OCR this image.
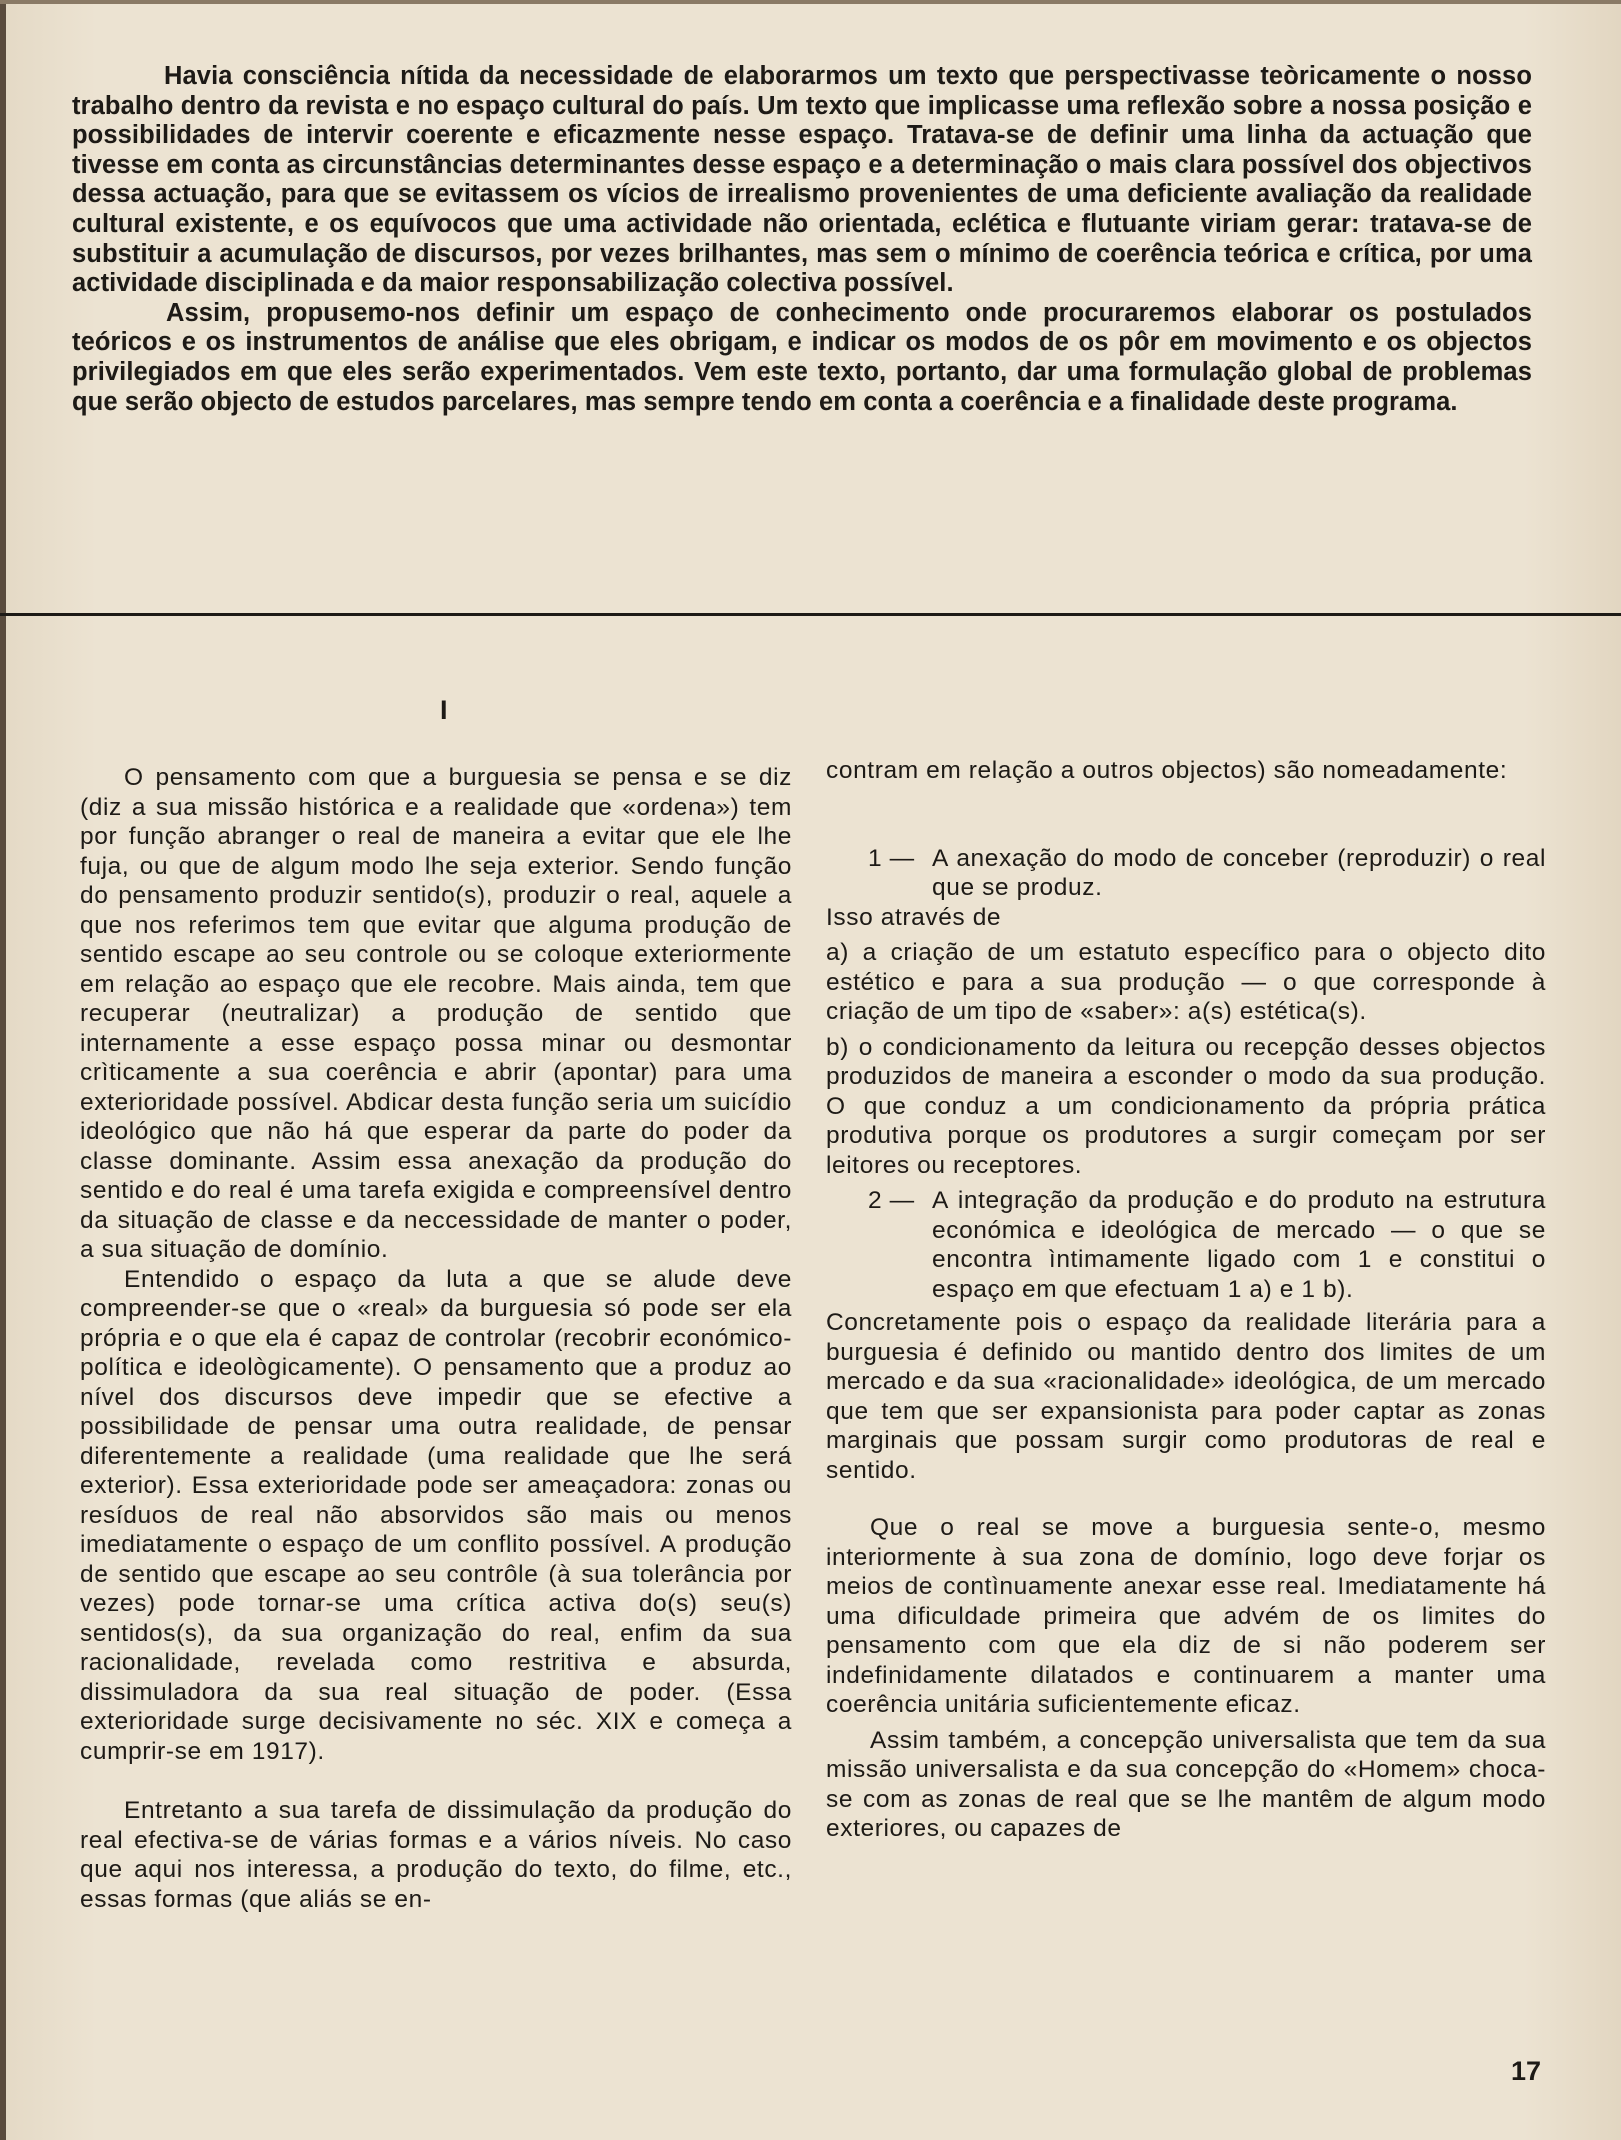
Havia consciência nítida da necessidade de elaborarmos um texto que perspectivasse teòricamente o nosso trabalho dentro da revista e no espaço cultural do país. Um texto que implicasse uma reflexão sobre a nossa posição e possibilidades de intervir coerente e eficazmente nesse espaço. Tratava-se de definir uma linha da actuação que tivesse em conta as circunstâncias determinantes desse espaço e a determinação o mais clara possível dos objectivos dessa actuação, para que se evitassem os vícios de irrealismo provenientes de uma deficiente avaliação da realidade cultural existente, e os equívocos que uma actividade não orientada, eclética e flutuante viriam gerar: tratava-se de substituir a acumulação de discursos, por vezes brilhantes, mas sem o mínimo de coerência teórica e crítica, por uma actividade disciplinada e da maior responsabilização colectiva possível.

Assim, propusemo-nos definir um espaço de conhecimento onde procuraremos elaborar os postulados teóricos e os instrumentos de análise que eles obrigam, e indicar os modos de os pôr em movimento e os objectos privilegiados em que eles serão experimentados. Vem este texto, portanto, dar uma formulação global de problemas que serão objecto de estudos parcelares, mas sempre tendo em conta a coerência e a finalidade deste programa.

I

O pensamento com que a burguesia se pensa e se diz (diz a sua missão histórica e a realidade que «ordena») tem por função abranger o real de maneira a evitar que ele lhe fuja, ou que de algum modo lhe seja exterior. Sendo função do pensamento produzir sentido(s), produzir o real, aquele a que nos referimos tem que evitar que alguma produção de sentido escape ao seu controle ou se coloque exteriormente em relação ao espaço que ele recobre. Mais ainda, tem que recuperar (neutralizar) a produção de sentido que internamente a esse espaço possa minar ou desmontar crìticamente a sua coerência e abrir (apontar) para uma exterioridade possível. Abdicar desta função seria um suicídio ideológico que não há que esperar da parte do poder da classe dominante. Assim essa anexação da produção do sentido e do real é uma tarefa exigida e compreensível dentro da situação de classe e da neccessidade de manter o poder, a sua situação de domínio.

Entendido o espaço da luta a que se alude deve compreender-se que o «real» da burguesia só pode ser ela própria e o que ela é capaz de controlar (recobrir económico-política e ideològicamente). O pensamento que a produz ao nível dos discursos deve impedir que se efective a possibilidade de pensar uma outra realidade, de pensar diferentemente a realidade (uma realidade que lhe será exterior). Essa exterioridade pode ser ameaçadora: zonas ou resíduos de real não absorvidos são mais ou menos imediatamente o espaço de um conflito possível. A produção de sentido que escape ao seu contrôle (à sua tolerância por vezes) pode tornar-se uma crítica activa do(s) seu(s) sentidos(s), da sua organização do real, enfim da sua racionalidade, revelada como restritiva e absurda, dissimuladora da sua real situação de poder. (Essa exterioridade surge decisivamente no séc. XIX e começa a cumprir-se em 1917).

Entretanto a sua tarefa de dissimulação da produção do real efectiva-se de várias formas e a vários níveis. No caso que aqui nos interessa, a produção do texto, do filme, etc., essas formas (que aliás se en-

contram em relação a outros objectos) são nomeadamente:

1 — A anexação do modo de conceber (reproduzir) o real que se produz.

Isso através de

a) a criação de um estatuto específico para o objecto dito estético e para a sua produção — o que corresponde à criação de um tipo de «saber»: a(s) estética(s).

b) o condicionamento da leitura ou recepção desses objectos produzidos de maneira a esconder o modo da sua produção. O que conduz a um condicionamento da própria prática produtiva porque os produtores a surgir começam por ser leitores ou receptores.

2 — A integração da produção e do produto na estrutura económica e ideológica de mercado — o que se encontra ìntimamente ligado com 1 e constitui o espaço em que efectuam 1 a) e 1 b).

Concretamente pois o espaço da realidade literária para a burguesia é definido ou mantido dentro dos limites de um mercado e da sua «racionalidade» ideológica, de um mercado que tem que ser expansionista para poder captar as zonas marginais que possam surgir como produtoras de real e sentido.

Que o real se move a burguesia sente-o, mesmo interiormente à sua zona de domínio, logo deve forjar os meios de contìnuamente anexar esse real. Imediatamente há uma dificuldade primeira que advém de os limites do pensamento com que ela diz de si não poderem ser indefinidamente dilatados e continuarem a manter uma coerência unitária suficientemente eficaz.

Assim também, a concepção universalista que tem da sua missão universalista e da sua concepção do «Homem» choca-se com as zonas de real que se lhe mantêm de algum modo exteriores, ou capazes de

17
